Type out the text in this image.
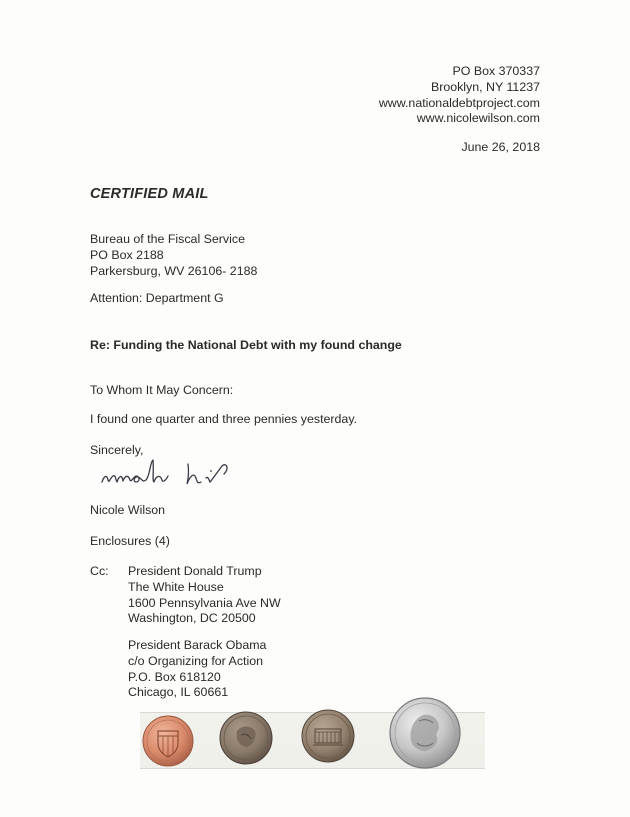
PO Box 370337
Brooklyn, NY 11237
www.nationaldebtproject.com
www.nicolewilson.com
June 26, 2018
CERTIFIED MAIL
Bureau of the Fiscal Service
PO Box 2188
Parkersburg, WV 26106- 2188
Attention: Department G
Re: Funding the National Debt with my found change
To Whom It May Concern:
I found one quarter and three pennies yesterday.
Sincerely,
Nicole Wilson
Enclosures (4)
Cc: President Donald Trump
The White House
1600 Pennsylvania Ave NW
Washington, DC 20500
President Barack Obama
c/o Organizing for Action
P.O. Box 618120
Chicago, IL 60661
